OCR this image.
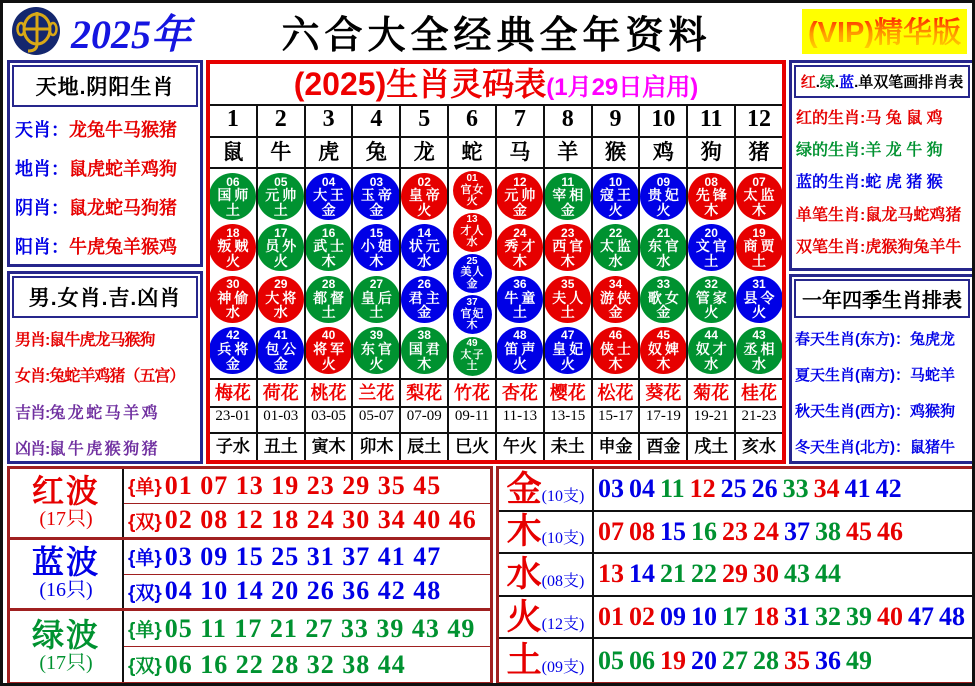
2025年	六合大全经典全年资料	(VIP)精华版
天地.阴阳生肖
天肖：龙兔牛马猴猪
地肖：鼠虎蛇羊鸡狗
阴肖：鼠龙蛇马狗猪
阳肖：牛虎兔羊猴鸡
男.女肖.吉.凶肖
男肖:鼠牛虎龙马猴狗
女肖:兔蛇羊鸡猪（五宫）
吉肖:兔 龙 蛇 马 羊 鸡
凶肖:鼠 牛 虎 猴 狗 猪
(2025)生肖灵码表(1月29日启用)
1
鼠
06
国师
土
18
叛贼
火
30
神偷
水
42
兵将
金
梅花
23-01
子水
2
牛
05
元帅
土
17
员外
火
29
大将
水
41
包公
金
荷花
01-03
丑土
3
虎
04
大王
金
16
武士
木
28
都督
土
40
将军
火
桃花
03-05
寅木
4
兔
03
玉帝
金
15
小姐
木
27
皇后
土
39
东官
火
兰花
05-07
卯木
5
龙
02
皇帝
火
14
状元
水
26
君主
金
38
国君
木
梨花
07-09
辰土
6
蛇
01
官女
火
13
才人
水
25
美人
金
37
官妃
木
49
太子
土
竹花
09-11
巳火
7
马
12
元帅
金
24
秀才
木
36
牛童
土
48
笛声
火
杏花
11-13
午火
8
羊
11
宰相
金
23
西官
木
35
夫人
土
47
皇妃
火
樱花
13-15
未土
9
猴
10
寇王
火
22
太监
水
34
游侠
金
46
侠士
木
松花
15-17
申金
10
鸡
09
贵妃
火
21
东官
水
33
歌女
金
45
奴婢
木
葵花
17-19
酉金
11
狗
08
先锋
木
20
文官
土
32
管家
火
44
奴才
水
菊花
19-21
戌土
12
猪
07
太监
木
19
商贾
土
31
县令
火
43
丞相
水
桂花
21-23
亥水
红.绿.蓝.单双笔画排肖表
红的生肖:马 兔 鼠 鸡
绿的生肖:羊 龙 牛 狗
蓝的生肖:蛇 虎 猪 猴
单笔生肖:鼠龙马蛇鸡猪
双笔生肖:虎猴狗兔羊牛
一年四季生肖排表
春天生肖(东方)：兔虎龙
夏天生肖(南方)：马蛇羊
秋天生肖(西方)：鸡猴狗
冬天生肖(北方)：鼠猪牛
红波
(17只)
{单} 01 07 13 19 23 29 35 45
{双} 02 08 12 18 24 30 34 40 46
蓝波
(16只)
{单} 03 09 15 25 31 37 41 47
{双} 04 10 14 20 26 36 42 48
绿波
(17只)
{单} 05 11 17 21 27 33 39 43 49
{双} 06 16 22 28 32 38 44
金 (10支) 03 04 11 12 25 26 33 34 41 42
木 (10支) 07 08 15 16 23 24 37 38 45 46
水 (08支) 13 14 21 22 29 30 43 44
火 (12支) 01 02 09 10 17 18 31 32 39 40 47 48
土 (09支) 05 06 19 20 27 28 35 36 49
